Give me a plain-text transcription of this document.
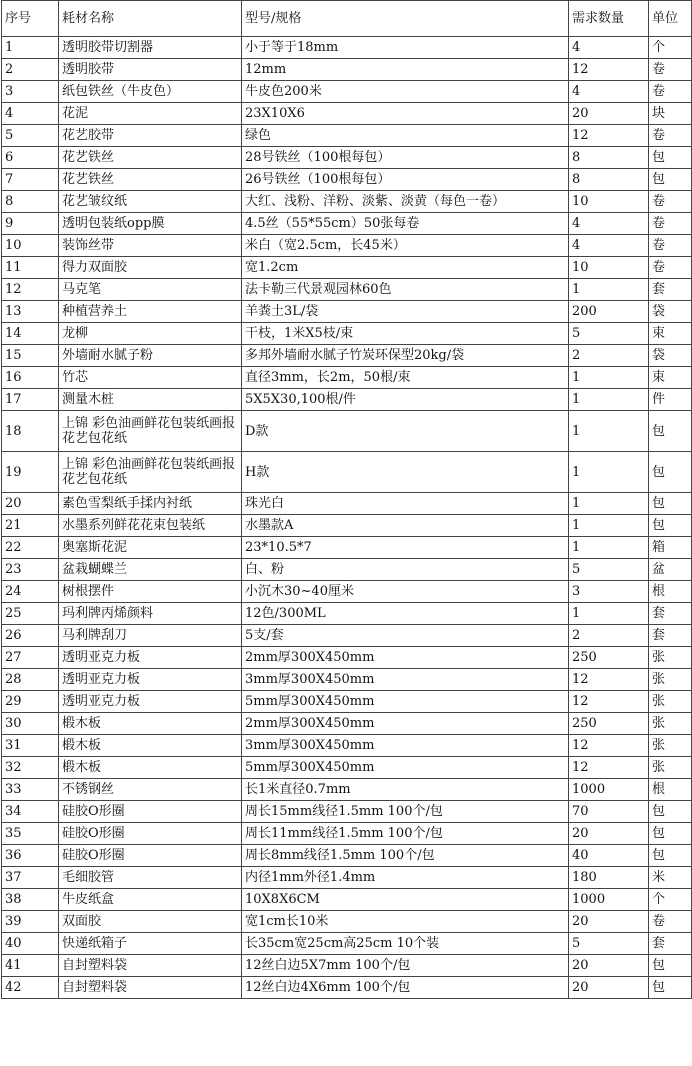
序号	耗材名称	型号/规格	需求数量	单位
1	透明胶带切割器	小于等于18mm	4	个
2	透明胶带	12mm	12	卷
3	纸包铁丝（牛皮色）	牛皮色200米	4	卷
4	花泥	23X10X6	20	块
5	花艺胶带	绿色	12	卷
6	花艺铁丝	28号铁丝（100根每包）	8	包
7	花艺铁丝	26号铁丝（100根每包）	8	包
8	花艺皱纹纸	大红、浅粉、洋粉、淡紫、淡黄（每色一卷）	10	卷
9	透明包装纸opp膜	4.5丝（55*55cm）50张每卷	4	卷
10	装饰丝带	米白（宽2.5cm，长45米）	4	卷
11	得力双面胶	宽1.2cm	10	卷
12	马克笔	法卡勒三代景观园林60色	1	套
13	种植营养土	羊粪土3L/袋	200	袋
14	龙柳	干枝，1米X5枝/束	5	束
15	外墙耐水腻子粉	多邦外墙耐水腻子竹炭环保型20kg/袋	2	袋
16	竹芯	直径3mm，长2m，50根/束	1	束
17	测量木桩	5X5X30,100根/件	1	件
18	上锦 彩色油画鲜花包装纸画报花艺包花纸	D款	1	包
19	上锦 彩色油画鲜花包装纸画报花艺包花纸	H款	1	包
20	素色雪梨纸手揉内衬纸	珠光白	1	包
21	水墨系列鲜花花束包装纸	水墨款A	1	包
22	奥塞斯花泥	23*10.5*7	1	箱
23	盆栽蝴蝶兰	白、粉	5	盆
24	树根摆件	小沉木30~40厘米	3	根
25	玛利牌丙烯颜料	12色/300ML	1	套
26	马利牌刮刀	5支/套	2	套
27	透明亚克力板	2mm厚300X450mm	250	张
28	透明亚克力板	3mm厚300X450mm	12	张
29	透明亚克力板	5mm厚300X450mm	12	张
30	椴木板	2mm厚300X450mm	250	张
31	椴木板	3mm厚300X450mm	12	张
32	椴木板	5mm厚300X450mm	12	张
33	不锈钢丝	长1米直径0.7mm	1000	根
34	硅胶O形圈	周长15mm线径1.5mm 100个/包	70	包
35	硅胶O形圈	周长11mm线径1.5mm 100个/包	20	包
36	硅胶O形圈	周长8mm线径1.5mm 100个/包	40	包
37	毛细胶管	内径1mm外径1.4mm	180	米
38	牛皮纸盒	10X8X6CM	1000	个
39	双面胶	宽1cm长10米	20	卷
40	快递纸箱子	长35cm宽25cm高25cm 10个装	5	套
41	自封塑料袋	12丝白边5X7mm 100个/包	20	包
42	自封塑料袋	12丝白边4X6mm 100个/包	20	包
